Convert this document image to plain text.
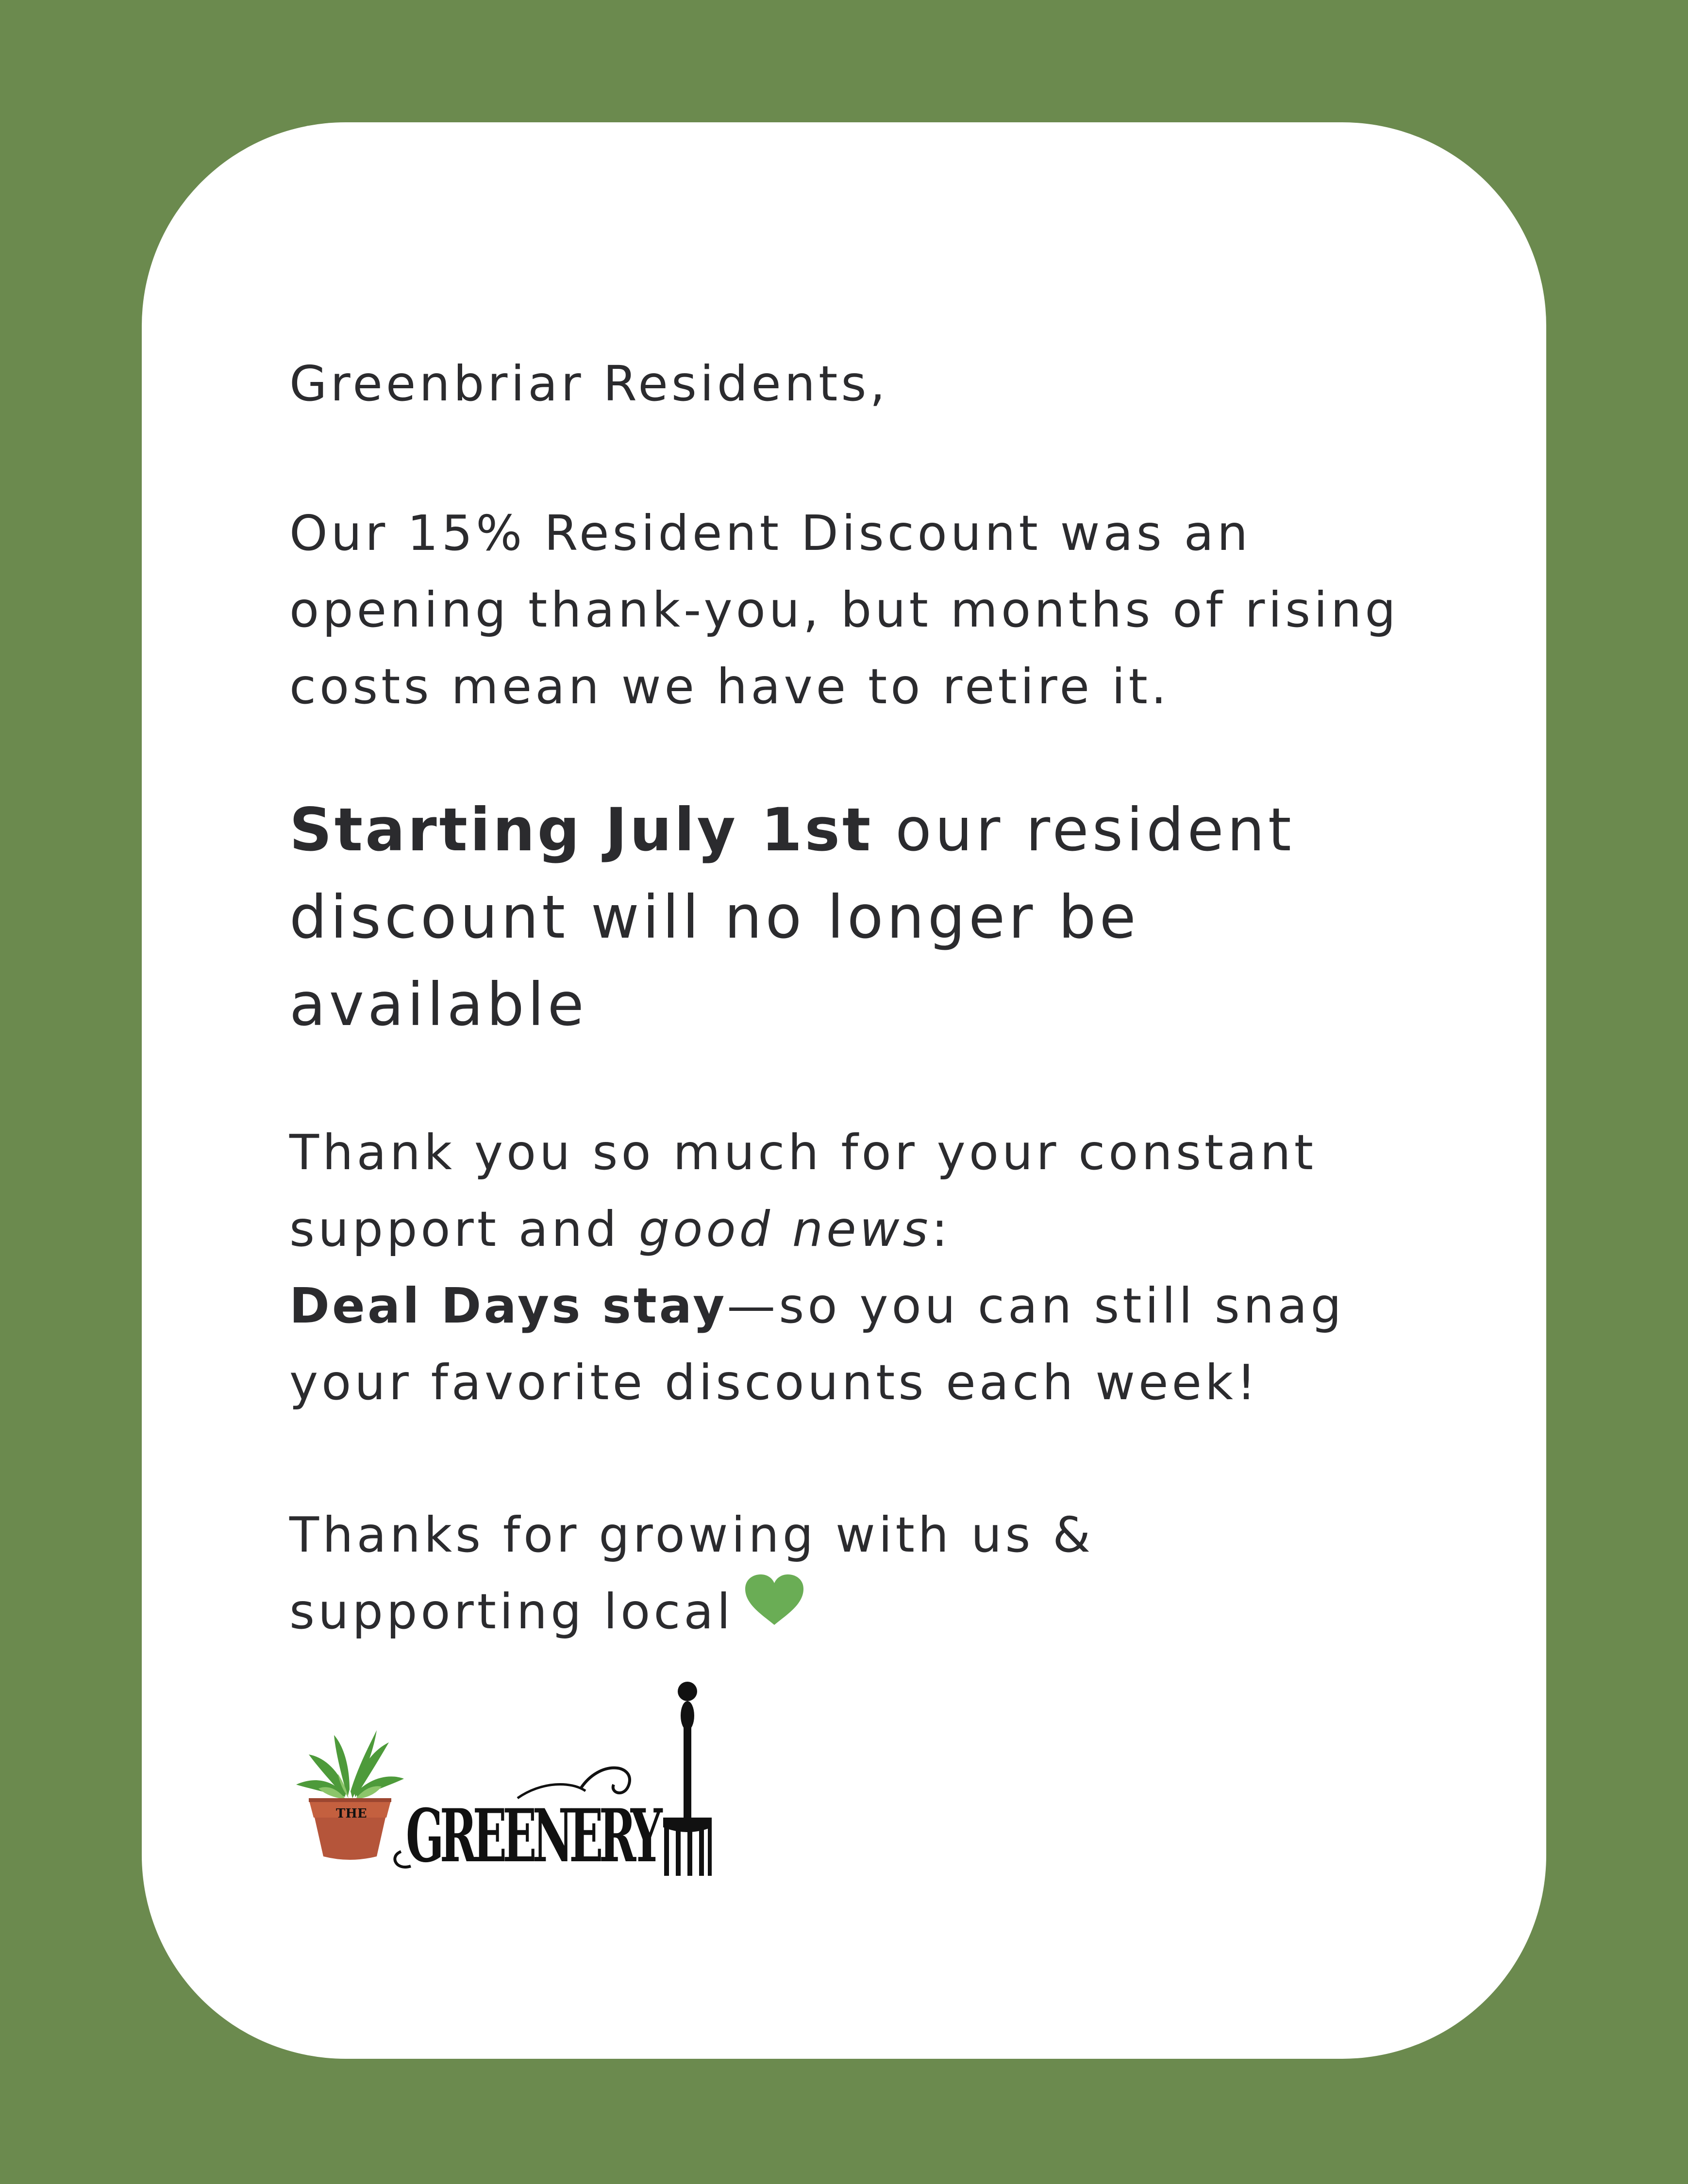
Greenbriar Residents,
Our 15% Resident Discount was an
opening thank-you, but months of rising
costs mean we have to retire it.
Starting July 1st our resident
discount will no longer be
available
Thank you so much for your constant
support and good news:
Deal Days stay—so you can still snag
your favorite discounts each week!
Thanks for growing with us &
supporting local
THE GREENERY
